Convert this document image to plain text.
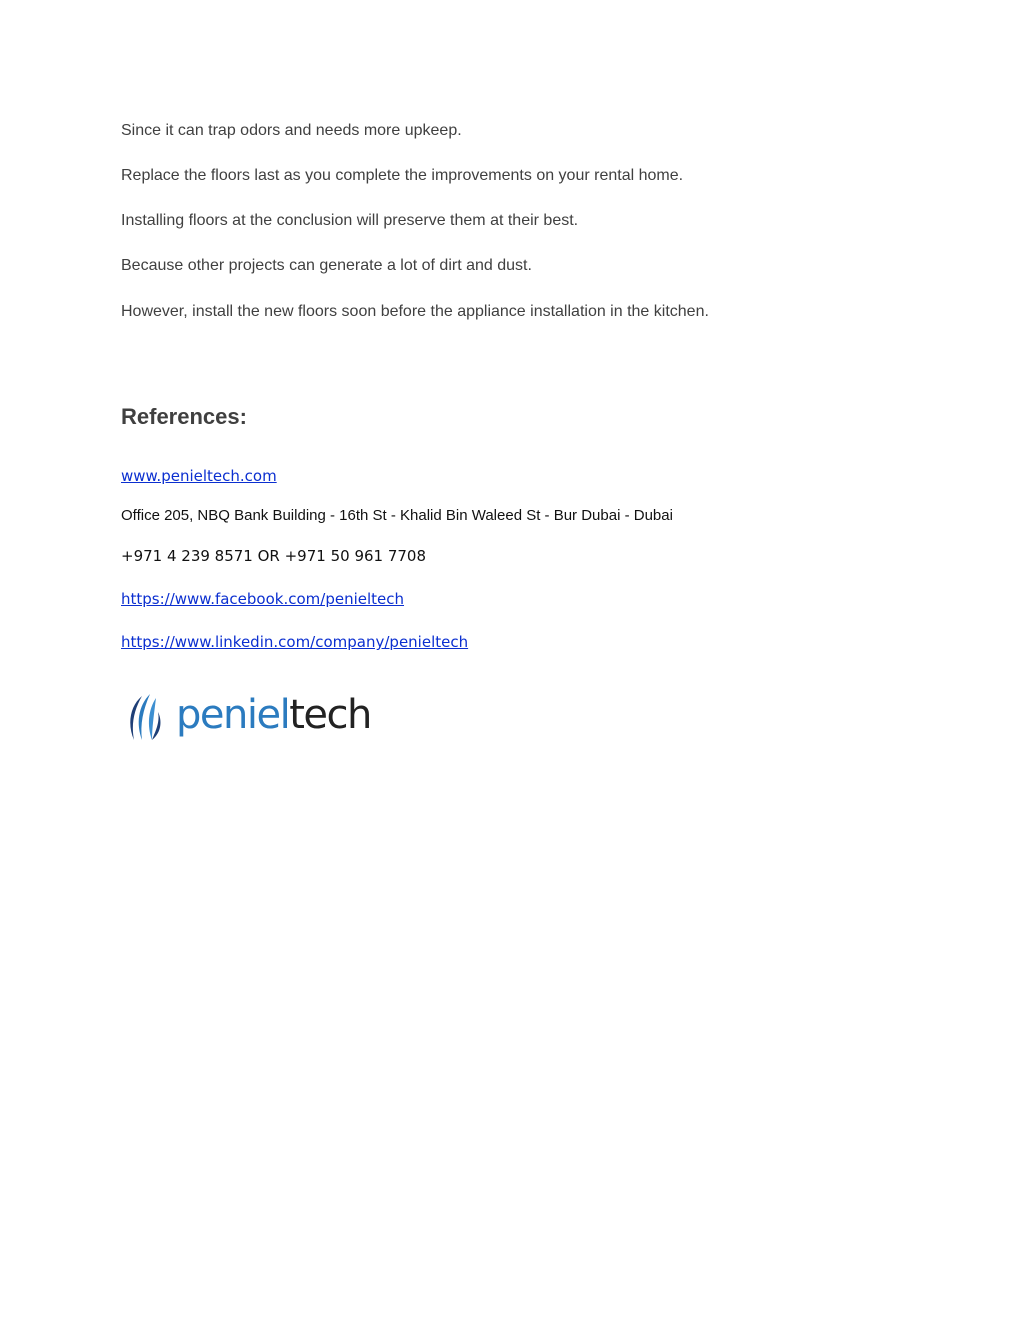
Since it can trap odors and needs more upkeep.

Replace the floors last as you complete the improvements on your rental home.

Installing floors at the conclusion will preserve them at their best.

Because other projects can generate a lot of dirt and dust.

However, install the new floors soon before the appliance installation in the kitchen.

References:
www.penieltech.com

Office 205, NBQ Bank Building - 16th St - Khalid Bin Waleed St - Bur Dubai - Dubai

+971 4 239 8571 OR +971 50 961 7708

https://www.facebook.com/penieltech
https://www.linkedin.com/company/penieltech
penieltech
